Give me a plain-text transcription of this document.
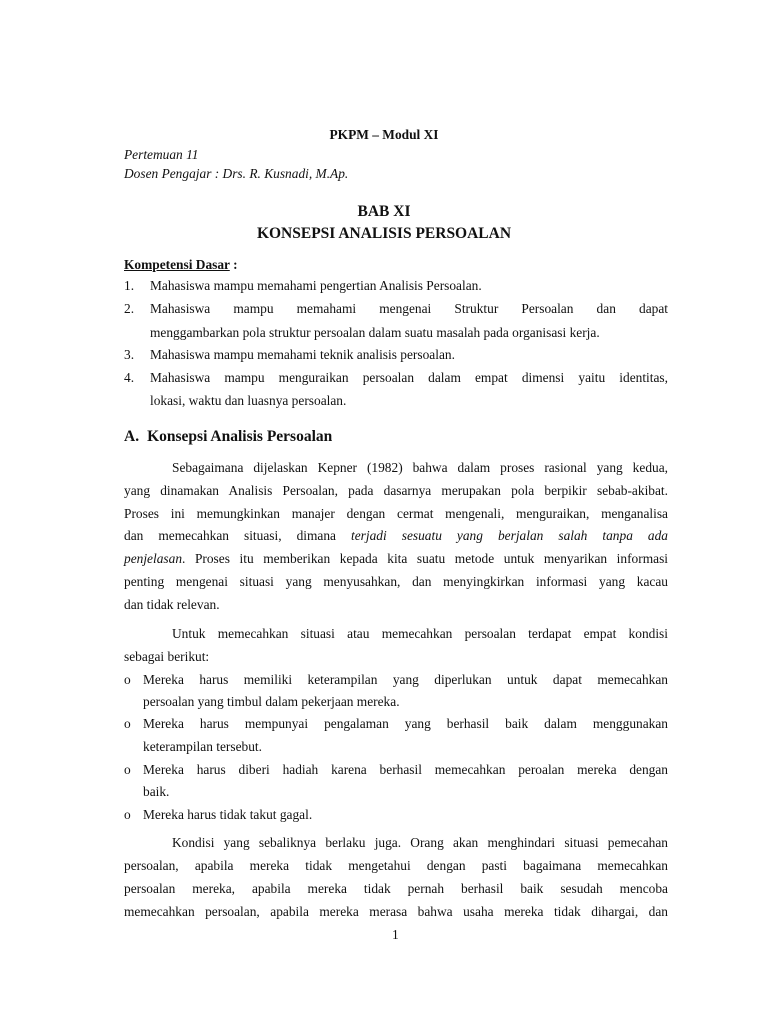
PKPM – Modul XI
Pertemuan 11
Dosen Pengajar : Drs. R. Kusnadi, M.Ap.
BAB XI
KONSEPSI ANALISIS PERSOALAN
Kompetensi Dasar :
1. Mahasiswa mampu memahami pengertian Analisis Persoalan.
2. Mahasiswa mampu memahami mengenai Struktur Persoalan dan dapat
menggambarkan pola struktur persoalan dalam suatu masalah pada organisasi kerja.
3. Mahasiswa mampu memahami teknik analisis persoalan.
4. Mahasiswa mampu menguraikan persoalan dalam empat dimensi yaitu identitas,
lokasi, waktu dan luasnya persoalan.
A. Konsepsi Analisis Persoalan
Sebagaimana dijelaskan Kepner (1982) bahwa dalam proses rasional yang kedua,
yang dinamakan Analisis Persoalan, pada dasarnya merupakan pola berpikir sebab-akibat.
Proses ini memungkinkan manajer dengan cermat mengenali, menguraikan, menganalisa
dan memecahkan situasi, dimana terjadi sesuatu yang berjalan salah tanpa ada
penjelasan. Proses itu memberikan kepada kita suatu metode untuk menyarikan informasi
penting mengenai situasi yang menyusahkan, dan menyingkirkan informasi yang kacau
dan tidak relevan.
Untuk memecahkan situasi atau memecahkan persoalan terdapat empat kondisi
sebagai berikut:
o Mereka harus memiliki keterampilan yang diperlukan untuk dapat memecahkan
persoalan yang timbul dalam pekerjaan mereka.
o Mereka harus mempunyai pengalaman yang berhasil baik dalam menggunakan
keterampilan tersebut.
o Mereka harus diberi hadiah karena berhasil memecahkan peroalan mereka dengan
baik.
o Mereka harus tidak takut gagal.
Kondisi yang sebaliknya berlaku juga. Orang akan menghindari situasi pemecahan
persoalan, apabila mereka tidak mengetahui dengan pasti bagaimana memecahkan
persoalan mereka, apabila mereka tidak pernah berhasil baik sesudah mencoba
memecahkan persoalan, apabila mereka merasa bahwa usaha mereka tidak dihargai, dan
1
